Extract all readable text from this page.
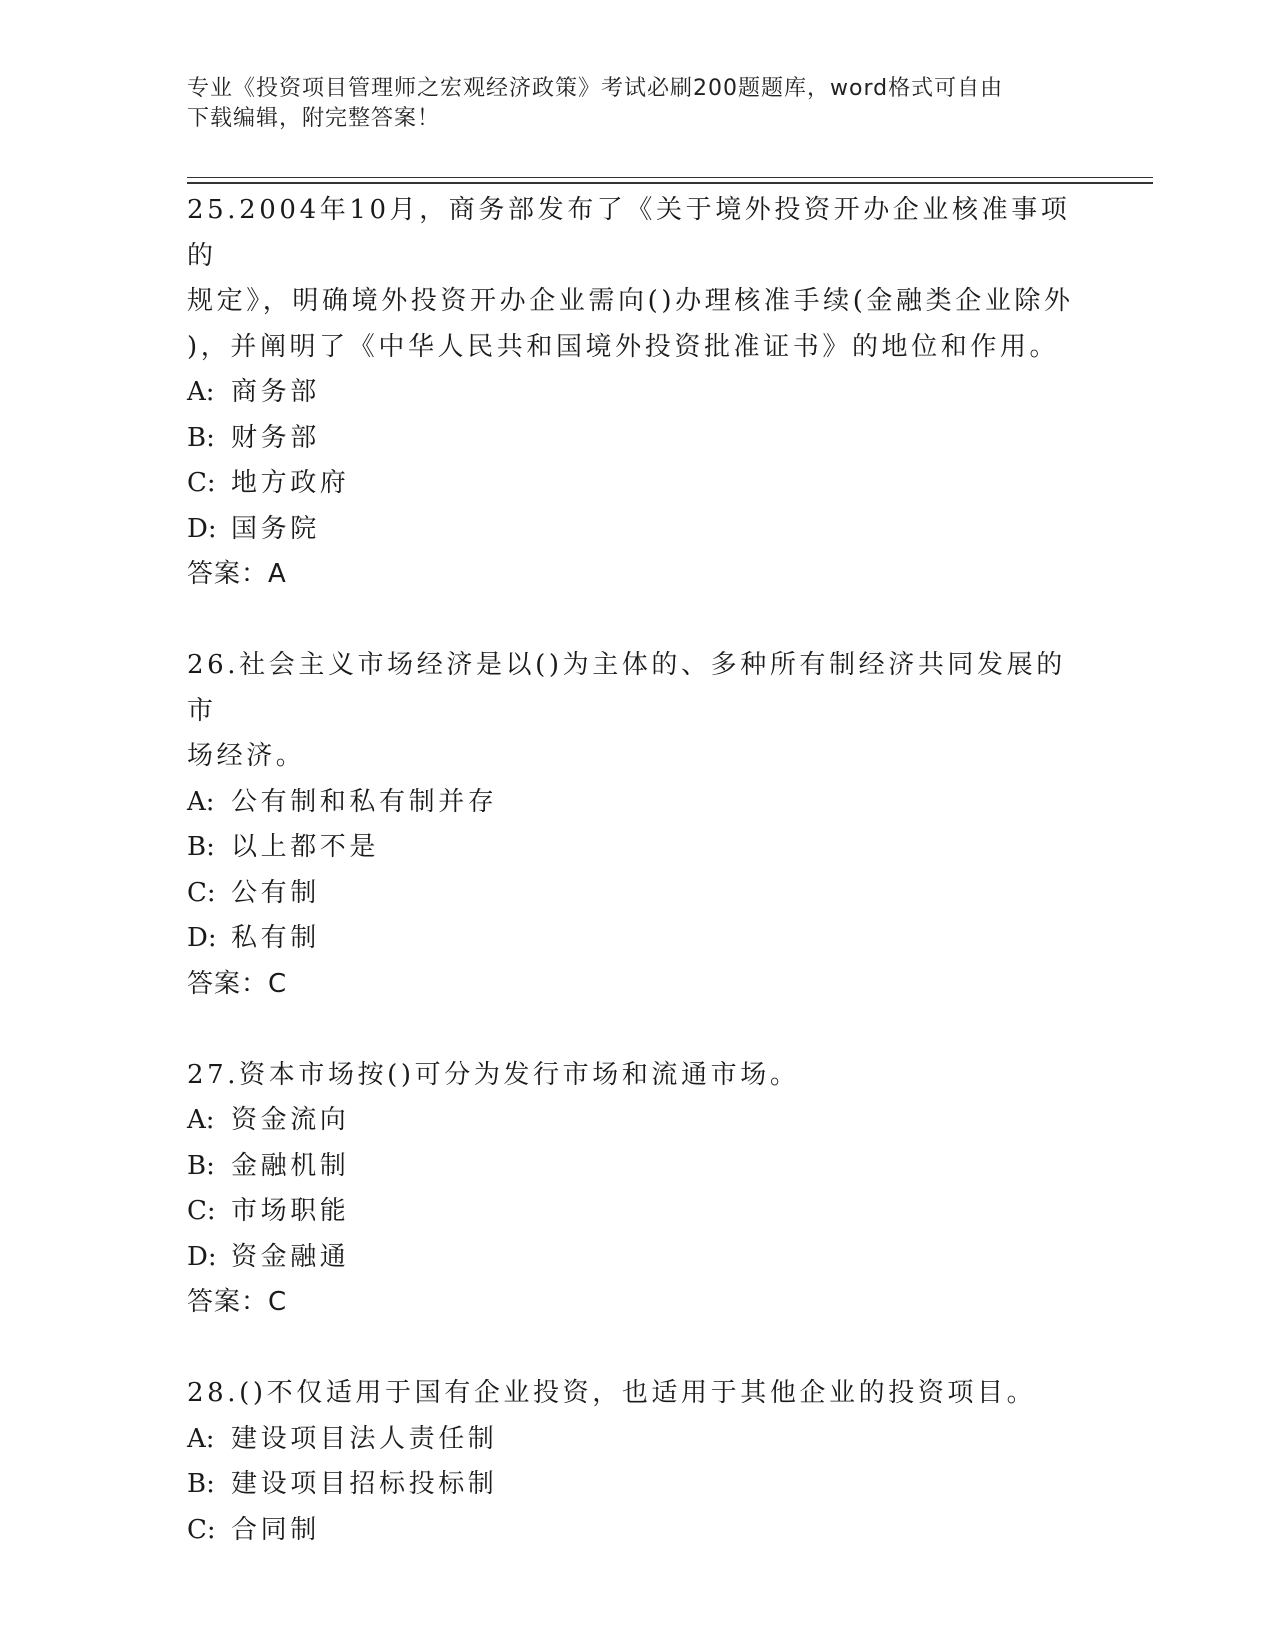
专业《投资项目管理师之宏观经济政策》考试必刷200题题库，word格式可自由
下载编辑，附完整答案！
25.2004年10月，商务部发布了《关于境外投资开办企业核准事项的
规定》，明确境外投资开办企业需向()办理核准手续(金融类企业除外
)，并阐明了《中华人民共和国境外投资批准证书》的地位和作用。
A: 商务部
B: 财务部
C: 地方政府
D: 国务院
答案：A
26.社会主义市场经济是以()为主体的、多种所有制经济共同发展的市
场经济。
A: 公有制和私有制并存
B: 以上都不是
C: 公有制
D: 私有制
答案：C
27.资本市场按()可分为发行市场和流通市场。
A: 资金流向
B: 金融机制
C: 市场职能
D: 资金融通
答案：C
28.()不仅适用于国有企业投资，也适用于其他企业的投资项目。
A: 建设项目法人责任制
B: 建设项目招标投标制
C: 合同制
